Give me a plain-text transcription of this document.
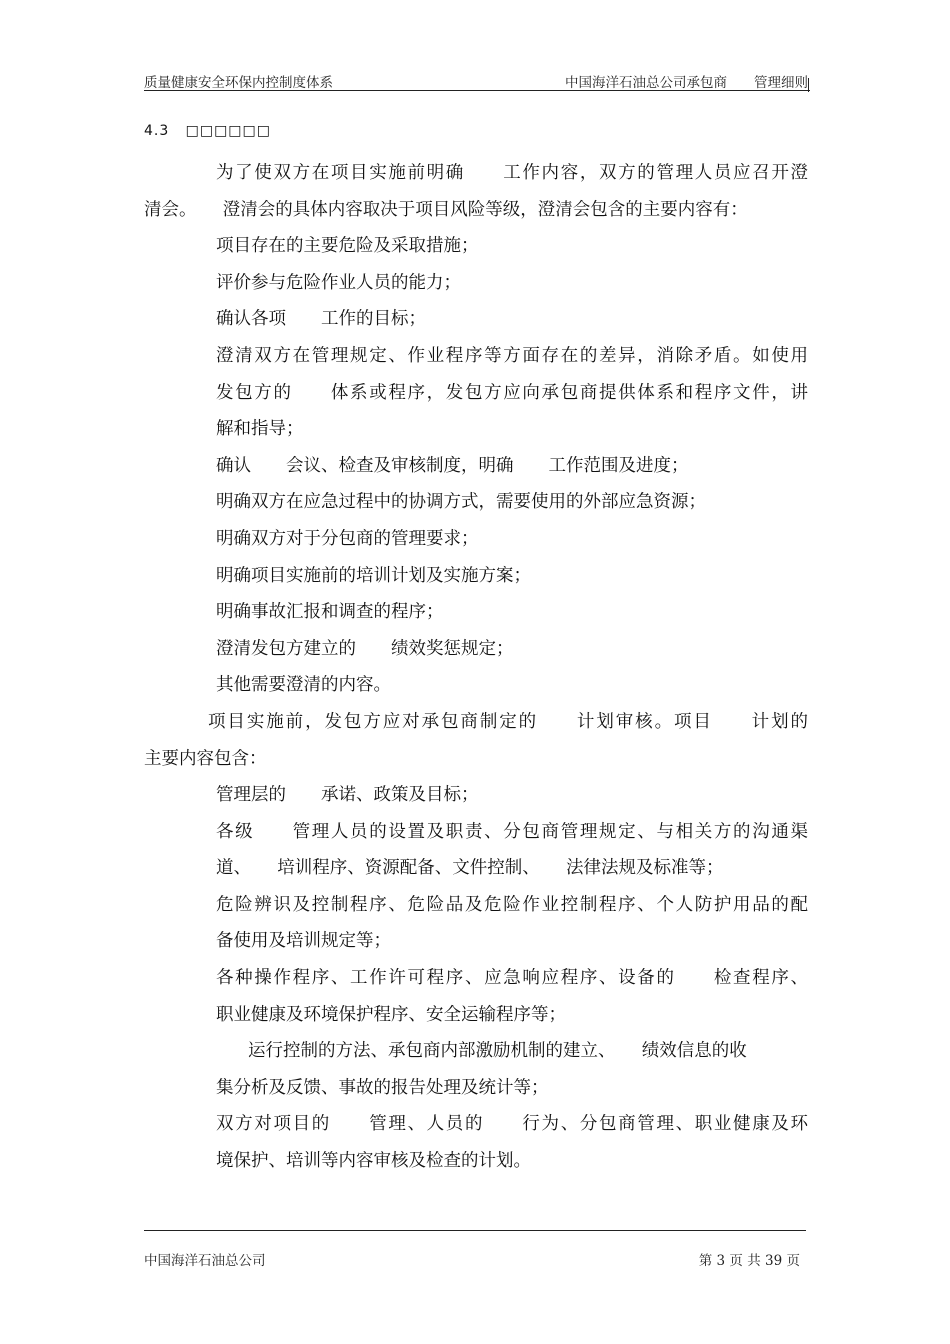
质量健康安全环保内控制度体系	中国海洋石油总公司承包商　　管理细则
4.3 □□□□□□
为了使双方在项目实施前明确　　工作内容，双方的管理人员应召开澄
清会。　　澄清会的具体内容取决于项目风险等级，澄清会包含的主要内容有：
项目存在的主要危险及采取措施；
评价参与危险作业人员的能力；
确认各项　　工作的目标；
澄清双方在管理规定、作业程序等方面存在的差异，消除矛盾。如使用
发包方的　　体系或程序，发包方应向承包商提供体系和程序文件，讲
解和指导；
确认　　会议、检查及审核制度，明确　　工作范围及进度；
明确双方在应急过程中的协调方式，需要使用的外部应急资源；
明确双方对于分包商的管理要求；
明确项目实施前的培训计划及实施方案；
明确事故汇报和调查的程序；
澄清发包方建立的　　绩效奖惩规定；
其他需要澄清的内容。
项目实施前，发包方应对承包商制定的　　计划审核。项目　　计划的
主要内容包含：
管理层的　　承诺、政策及目标；
各级　　管理人员的设置及职责、分包商管理规定、与相关方的沟通渠
道、　　培训程序、资源配备、文件控制、　　法律法规及标准等；
危险辨识及控制程序、危险品及危险作业控制程序、个人防护用品的配
备使用及培训规定等；
各种操作程序、工作许可程序、应急响应程序、设备的　　检查程序、
职业健康及环境保护程序、安全运输程序等；
运行控制的方法、承包商内部激励机制的建立、　　绩效信息的收
集分析及反馈、事故的报告处理及统计等；
双方对项目的　　管理、人员的　　行为、分包商管理、职业健康及环
境保护、培训等内容审核及检查的计划。
中国海洋石油总公司	第 3 页 共 39 页
